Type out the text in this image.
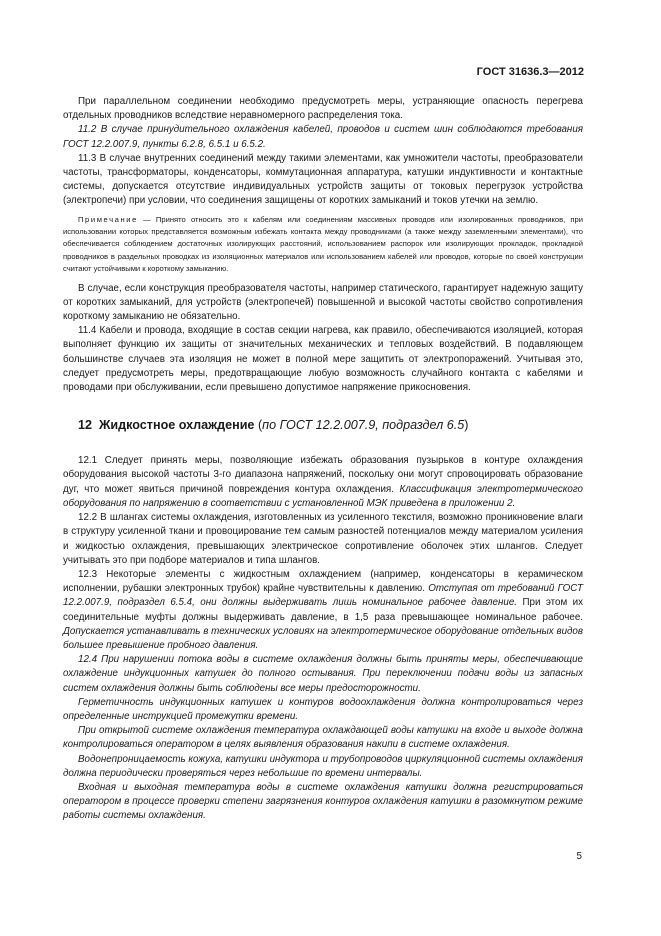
ГОСТ 31636.3—2012

При параллельном соединении необходимо предусмотреть меры, устраняющие опасность перегрева отдельных проводников вследствие неравномерного распределения тока.

11.2 В случае принудительного охлаждения кабелей, проводов и систем шин соблюдаются требования ГОСТ 12.2.007.9, пункты 6.2.8, 6.5.1 и 6.5.2.

11.3 В случае внутренних соединений между такими элементами, как умножители частоты, преобразователи частоты, трансформаторы, конденсаторы, коммутационная аппаратура, катушки индуктивности и контактные системы, допускается отсутствие индивидуальных устройств защиты от токовых перегрузок устройства (электропечи) при условии, что соединения защищены от коротких замыканий и токов утечки на землю.

Примечание — Принято относить это к кабелям или соединениям массивных проводов или изолированных проводников, при использовании которых представляется возможным избежать контакта между проводниками (а также между заземленными элементами), что обеспечивается соблюдением достаточных изолирующих расстояний, использованием распорок или изолирующих прокладок, прокладкой проводников в раздельных проводках из изоляционных материалов или использованием кабелей или проводов, которые по своей конструкции считают устойчивыми к короткому замыканию.

В случае, если конструкция преобразователя частоты, например статического, гарантирует надежную защиту от коротких замыканий, для устройств (электропечей) повышенной и высокой частоты свойство сопротивления короткому замыканию не обязательно.

11.4 Кабели и провода, входящие в состав секции нагрева, как правило, обеспечиваются изоляцией, которая выполняет функцию их защиты от значительных механических и тепловых воздействий. В подавляющем большинстве случаев эта изоляция не может в полной мере защитить от электропоражений. Учитывая это, следует предусмотреть меры, предотвращающие любую возможность случайного контакта с кабелями и проводами при обслуживании, если превышено допустимое напряжение прикосновения.

12 Жидкостное охлаждение (по ГОСТ 12.2.007.9, подраздел 6.5)

12.1 Следует принять меры, позволяющие избежать образования пузырьков в контуре охлаждения оборудования высокой частоты 3-го диапазона напряжений, поскольку они могут спровоцировать образование дуг, что может явиться причиной повреждения контура охлаждения. Классификация электротермического оборудования по напряжению в соответствии с установленной МЭК приведена в приложении 2.

12.2 В шлангах системы охлаждения, изготовленных из усиленного текстиля, возможно проникновение влаги в структуру усиленной ткани и провоцирование тем самым разностей потенциалов между материалом усиления и жидкостью охлаждения, превышающих электрическое сопротивление оболочек этих шлангов. Следует учитывать это при подборе материалов и типа шлангов.

12.3 Некоторые элементы с жидкостным охлаждением (например, конденсаторы в керамическом исполнении, рубашки электронных трубок) крайне чувствительны к давлению. Отступая от требований ГОСТ 12.2.007.9, подраздел 6.5.4, они должны выдерживать лишь номинальное рабочее давление. При этом их соединительные муфты должны выдерживать давление, в 1,5 раза превышающее номинальное рабочее. Допускается устанавливать в технических условиях на электротермическое оборудование отдельных видов большее превышение пробного давления.

12.4 При нарушении потока воды в системе охлаждения должны быть приняты меры, обеспечивающие охлаждение индукционных катушек до полного остывания. При переключении подачи воды из запасных систем охлаждения должны быть соблюдены все меры предосторожности.

Герметичность индукционных катушек и контуров водоохлаждения должна контролироваться через определенные инструкцией промежутки времени.

При открытой системе охлаждения температура охлаждающей воды катушки на входе и выходе должна контролироваться оператором в целях выявления образования накипи в системе охлаждения.

Водонепроницаемость кожуха, катушки индуктора и трубопроводов циркуляционной системы охлаждения должна периодически проверяться через небольшие по времени интервалы.

Входная и выходная температура воды в системе охлаждения катушки должна регистрироваться оператором в процессе проверки степени загрязнения контуров охлаждения катушки в разомкнутом режиме работы системы охлаждения.

5
